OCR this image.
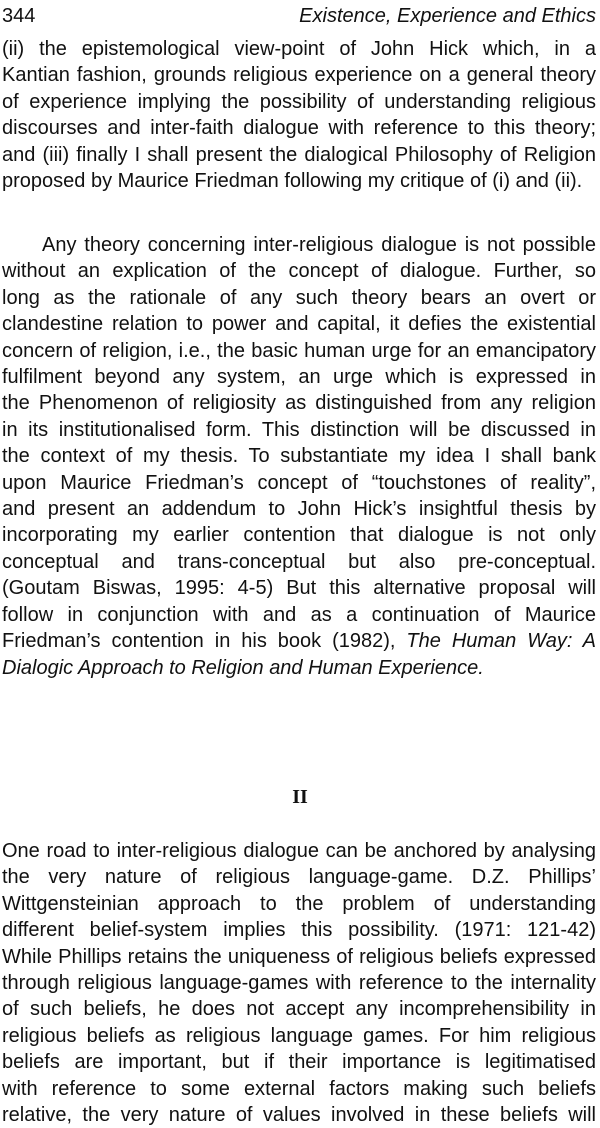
344	Existence, Experience and Ethics

(ii) the epistemological view-point of John Hick which, in a
Kantian fashion, grounds religious experience on a general theory
of experience implying the possibility of understanding religious
discourses and inter-faith dialogue with reference to this theory;
and (iii) finally I shall present the dialogical Philosophy of Religion
proposed by Maurice Friedman following my critique of (i) and (ii).

Any theory concerning inter-religious dialogue is not possible
without an explication of the concept of dialogue. Further, so
long as the rationale of any such theory bears an overt or
clandestine relation to power and capital, it defies the existential
concern of religion, i.e., the basic human urge for an emancipatory
fulfilment beyond any system, an urge which is expressed in
the Phenomenon of religiosity as distinguished from any religion
in its institutionalised form. This distinction will be discussed in
the context of my thesis. To substantiate my idea I shall bank
upon Maurice Friedman’s concept of “touchstones of reality”,
and present an addendum to John Hick’s insightful thesis by
incorporating my earlier contention that dialogue is not only
conceptual and trans-conceptual but also pre-conceptual.
(Goutam Biswas, 1995: 4-5) But this alternative proposal will
follow in conjunction with and as a continuation of Maurice
Friedman’s contention in his book (1982), The Human Way: A
Dialogic Approach to Religion and Human Experience.

II

One road to inter-religious dialogue can be anchored by analysing
the very nature of religious language-game. D.Z. Phillips’
Wittgensteinian approach to the problem of understanding
different belief-system implies this possibility. (1971: 121-42)
While Phillips retains the uniqueness of religious beliefs expressed
through religious language-games with reference to the internality
of such beliefs, he does not accept any incomprehensibility in
religious beliefs as religious language games. For him religious
beliefs are important, but if their importance is legitimatised
with reference to some external factors making such beliefs
relative, the very nature of values involved in these beliefs will
